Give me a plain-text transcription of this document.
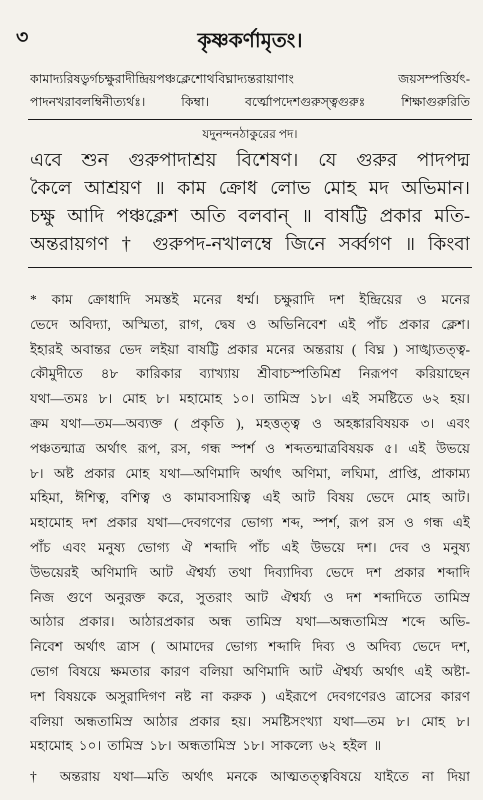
৩	কৃষ্ণকর্ণামৃতং।
কামাদ্যরিষড্বর্গচক্ষুরাদীন্দ্রিয়পঞ্চক্লেশোথবিঘ্নাদ্যন্তরায়াণাং জয়সম্পত্তির্যৎ-
পাদনখরাবলম্বিনীত্যর্থঃ। কিম্বা। বর্ত্মোপদেশগুরুস্ত্বগুরুঃ শিক্ষাগুরুরিতি
যদুনন্দনঠাকুরের পদ।
এবে শুন গুরুপাদাশ্রয় বিশেষণ। যে গুরুর পাদপদ্ম
কৈলে আশ্রয়ণ ॥ কাম ক্রোধ লোভ মোহ মদ অভিমান।
চক্ষু আদি পঞ্চক্লেশ অতি বলবান্ ॥ বাষট্টি প্রকার মতি-
অন্তরায়গণ † গুরুপদ-নখালম্বে জিনে সর্ব্বগণ ॥ কিংবা
* কাম ক্রোধাদি সমস্তই মনের ধর্ম্ম। চক্ষুরাদি দশ ইন্দ্রিয়ের ও মনের
ভেদে অবিদ্যা, অস্মিতা, রাগ, দ্বেষ ও অভিনিবেশ এই পাঁচ প্রকার ক্লেশ।
ইহারই অবান্তর ভেদ লইয়া বাষট্টি প্রকার মনের অন্তরায় ( বিঘ্ন ) সাঙ্খ্যতত্ত্ব-
কৌমুদীতে ৪৮ কারিকার ব্যাখ্যায় শ্রীবাচস্পতিমিশ্র নিরূপণ করিয়াছেন
যথা—তমঃ ৮। মোহ ৮। মহামোহ ১০। তামিস্র ১৮। এই সমষ্টিতে ৬২ হয়।
ক্রম যথা—তম—অব্যক্ত ( প্রকৃতি ), মহত্তত্ত্ব ও অহঙ্কারবিষয়ক ৩। এবং
পঞ্চতন্মাত্র অর্থাৎ রূপ, রস, গন্ধ স্পর্শ ও শব্দতন্মাত্রবিষয়ক ৫। এই উভয়ে
৮। অষ্ট প্রকার মোহ যথা—অণিমাদি অর্থাৎ অণিমা, লঘিমা, প্রাপ্তি, প্রাকাম্য
মহিমা, ঈশিত্ব, বশিত্ব ও কামাবসায়িত্ব এই আট বিষয় ভেদে মোহ আট।
মহামোহ দশ প্রকার যথা—দেবগণের ভোগ্য শব্দ, স্পর্শ, রূপ রস ও গন্ধ এই
পাঁচ এবং মনুষ্য ভোগ্য ঐ শব্দাদি পাঁচ এই উভয়ে দশ। দেব ও মনুষ্য
উভয়েরই অণিমাদি আট ঐশ্বর্য্য তথা দিব্যাদিব্য ভেদে দশ প্রকার শব্দাদি
নিজ গুণে অনুরক্ত করে, সুতরাং আট ঐশ্বর্য্য ও দশ শব্দাদিতে তামিস্র
আঠার প্রকার। আঠারপ্রকার অন্ধ তামিস্র যথা—অন্ধতামিস্র শব্দে অভি-
নিবেশ অর্থাৎ ত্রাস ( আমাদের ভোগ্য শব্দাদি দিব্য ও অদিব্য ভেদে দশ,
ভোগ বিষয়ে ক্ষমতার কারণ বলিয়া অণিমাদি আট ঐশ্বর্য্য অর্থাৎ এই অষ্টা-
দশ বিষয়কে অসুরাদিগণ নষ্ট না করুক ) এইরূপে দেবগণেরও ত্রাসের কারণ
বলিয়া অন্ধতামিস্র আঠার প্রকার হয়। সমষ্টিসংখ্যা যথা—তম ৮। মোহ ৮।
মহামোহ ১০। তামিস্র ১৮। অন্ধতামিস্র ১৮। সাকল্যে ৬২ হইল ॥
† অন্তরায় যথা—মতি অর্থাৎ মনকে আত্মতত্ত্ববিষয়ে যাইতে না দিয়া
